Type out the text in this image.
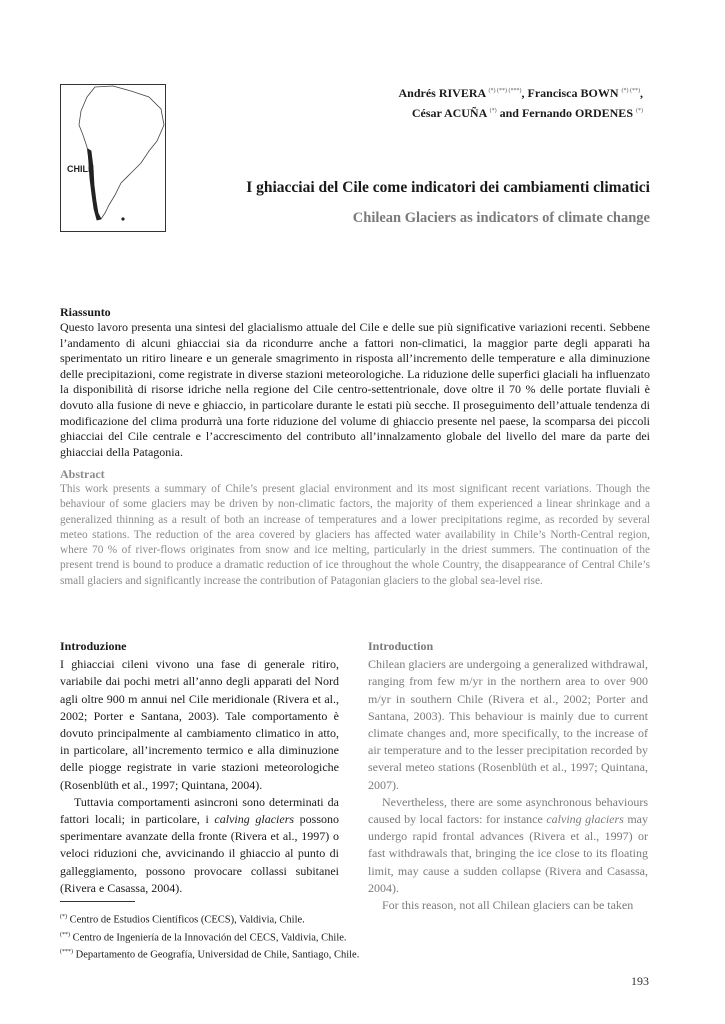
CHILE
Andrés RIVERA (*) (**) (***), Francisca BOWN (*) (**),
César ACUÑA (*) and Fernando ORDENES (*)
I ghiacciai del Cile come indicatori dei cambiamenti climatici
Chilean Glaciers as indicators of climate change
Riassunto
Questo lavoro presenta una sintesi del glacialismo attuale del Cile e delle sue più significative variazioni recenti. Sebbene l’andamento di alcuni ghiacciai sia da ricondurre anche a fattori non-climatici, la maggior parte degli apparati ha sperimentato un ritiro lineare e un generale smagrimento in risposta all’incremento delle temperature e alla diminuzione delle precipitazioni, come registrate in diverse stazioni meteorologiche. La riduzione delle superfici glaciali ha influenzato la disponibilità di risorse idriche nella regione del Cile centro-settentrionale, dove oltre il 70 % delle portate fluviali è dovuto alla fusione di neve e ghiaccio, in particolare durante le estati più secche. Il proseguimento dell’attuale tendenza di modificazione del clima produrrà una forte riduzione del volume di ghiaccio presente nel paese, la scomparsa dei piccoli ghiacciai del Cile centrale e l’accrescimento del contributo all’innalzamento globale del livello del mare da parte dei ghiacciai della Patagonia.
Abstract
This work presents a summary of Chile’s present glacial environment and its most significant recent variations. Though the behaviour of some glaciers may be driven by non-climatic factors, the majority of them experienced a linear shrinkage and a generalized thinning as a result of both an increase of temperatures and a lower precipitations regime, as recorded by several meteo stations. The reduction of the area covered by glaciers has affected water availability in Chile’s North-Central region, where 70 % of river-flows originates from snow and ice melting, particularly in the driest summers. The continuation of the present trend is bound to produce a dramatic reduction of ice throughout the whole Country, the disappearance of Central Chile’s small glaciers and significantly increase the contribution of Patagonian glaciers to the global sea-level rise.
Introduzione
I ghiacciai cileni vivono una fase di generale ritiro, variabile dai pochi metri all’anno degli apparati del Nord agli oltre 900 m annui nel Cile meridionale (Rivera et al., 2002; Porter e Santana, 2003). Tale comportamento è dovuto principalmente al cambiamento climatico in atto, in particolare, all’incremento termico e alla diminuzione delle piogge registrate in varie stazioni meteorologiche (Rosenblüth et al., 1997; Quintana, 2004).
Tuttavia comportamenti asincroni sono determinati da fattori locali; in particolare, i calving glaciers possono sperimentare avanzate della fronte (Rivera et al., 1997) o veloci riduzioni che, avvicinando il ghiaccio al punto di galleggiamento, possono provocare collassi subitanei (Rivera e Casassa, 2004).
Introduction
Chilean glaciers are undergoing a generalized withdrawal, ranging from few m/yr in the northern area to over 900 m/yr in southern Chile (Rivera et al., 2002; Porter and Santana, 2003). This behaviour is mainly due to current climate changes and, more specifically, to the increase of air temperature and to the lesser precipitation recorded by several meteo stations (Rosenblüth et al., 1997; Quintana, 2007).
Nevertheless, there are some asynchronous behaviours caused by local factors: for instance calving glaciers may undergo rapid frontal advances (Rivera et al., 1997) or fast withdrawals that, bringing the ice close to its floating limit, may cause a sudden collapse (Rivera and Casassa, 2004).
For this reason, not all Chilean glaciers can be taken
(*) Centro de Estudios Científicos (CECS), Valdivia, Chile.
(**) Centro de Ingeniería de la Innovación del CECS, Valdivia, Chile.
(***) Departamento de Geografía, Universidad de Chile, Santiago, Chile.
193
